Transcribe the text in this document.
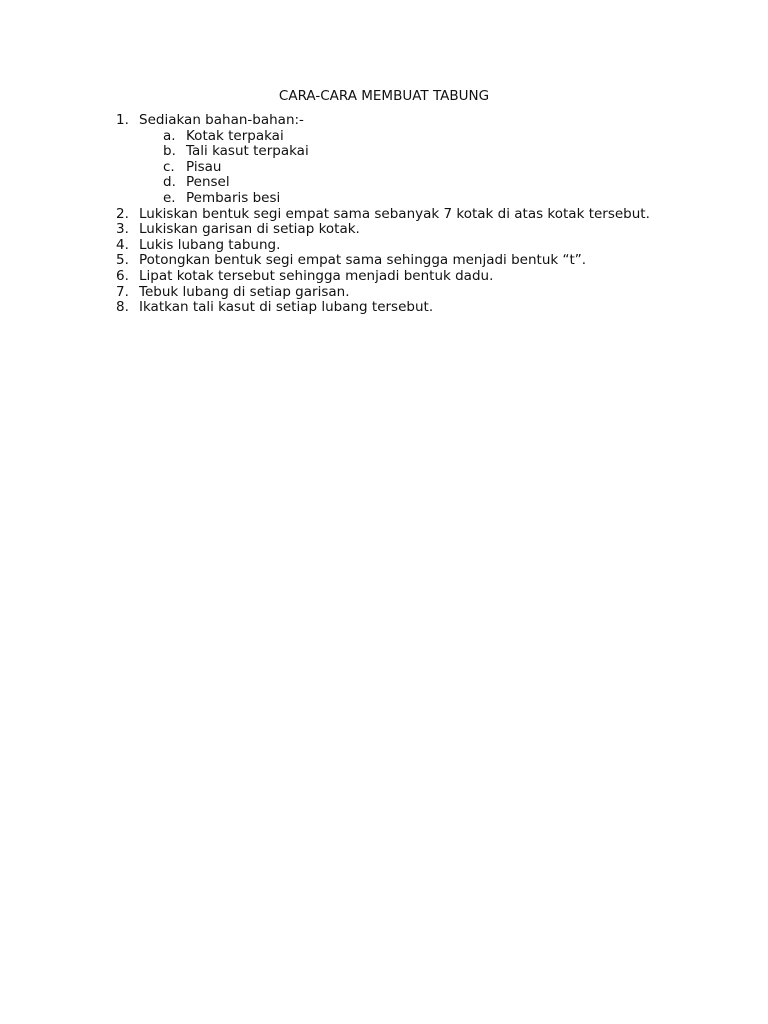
CARA-CARA MEMBUAT TABUNG
1. Sediakan bahan-bahan:-
a. Kotak terpakai
b. Tali kasut terpakai
c. Pisau
d. Pensel
e. Pembaris besi
2. Lukiskan bentuk segi empat sama sebanyak 7 kotak di atas kotak tersebut.
3. Lukiskan garisan di setiap kotak.
4. Lukis lubang tabung.
5. Potongkan bentuk segi empat sama sehingga menjadi bentuk “t”.
6. Lipat kotak tersebut sehingga menjadi bentuk dadu.
7. Tebuk lubang di setiap garisan.
8. Ikatkan tali kasut di setiap lubang tersebut.
